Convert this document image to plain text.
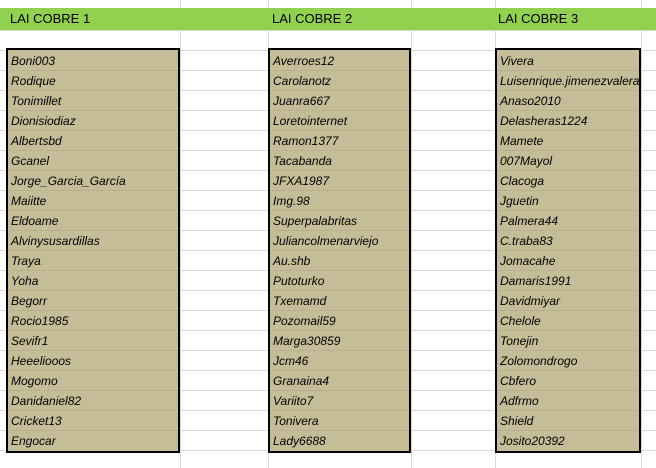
LAI COBRE 1	LAI COBRE 2	LAI COBRE 3
Boni003
Rodique
Tonimillet
Dionisiodiaz
Albertsbd
Gcanel
Jorge_Garcia_García
Maiitte
Eldoame
Alvinysusardillas
Traya
Yoha
Begorr
Rocio1985
Sevifr1
Heeeliooos
Mogomo
Danidaniel82
Cricket13
Engocar
Averroes12
Carolanotz
Juanra667
Loretointernet
Ramon1377
Tacabanda
JFXA1987
Img.98
Superpalabritas
Juliancolmenarviejo
Au.shb
Putoturko
Txemamd
Pozomail59
Marga30859
Jcm46
Granaina4
Variito7
Tonivera
Lady6688
Vivera
Luisenrique.jimenezvalera
Anaso2010
Delasheras1224
Mamete
007Mayol
Clacoga
Jguetin
Palmera44
C.traba83
Jomacahe
Damaris1991
Davidmiyar
Chelole
Tonejin
Zolomondrogo
Cbfero
Adfrmo
Shield
Josito20392
